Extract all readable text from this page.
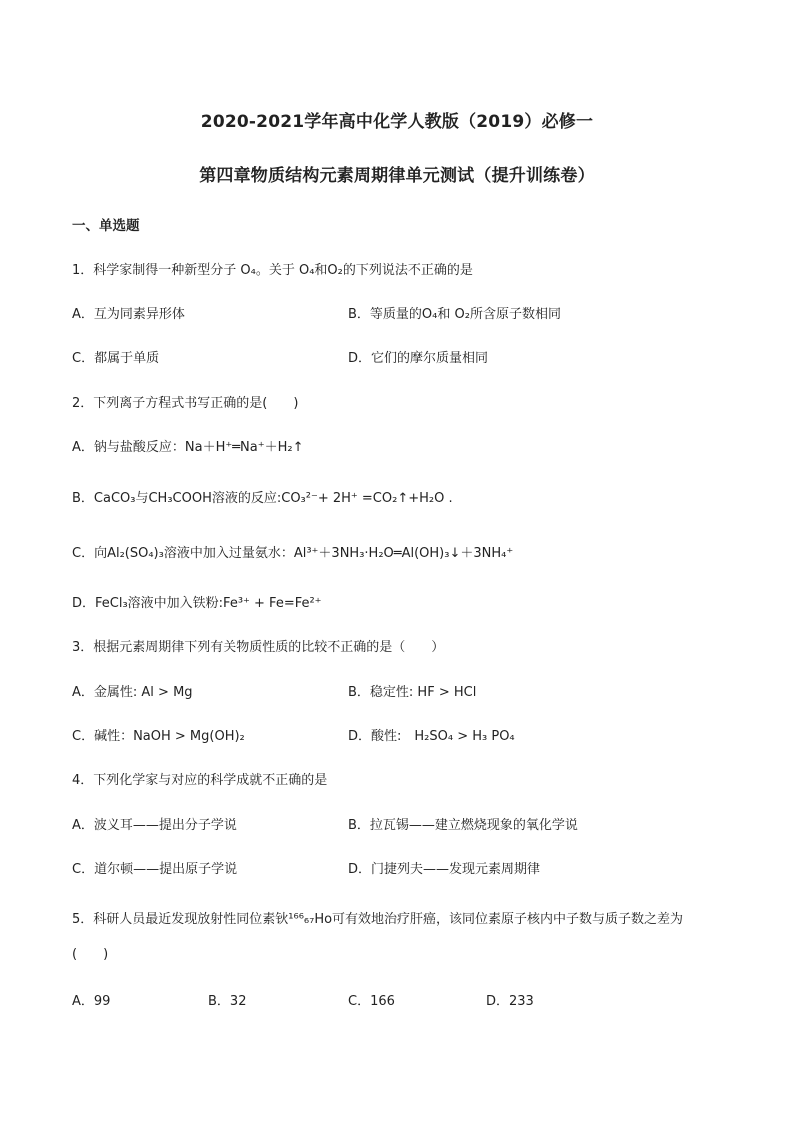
2020-2021学年高中化学人教版（2019）必修一
第四章物质结构元素周期律单元测试（提升训练卷）
一、单选题
1．科学家制得一种新型分子 O₄。关于 O₄和O₂的下列说法不正确的是
A．互为同素异形体	B．等质量的O₄和 O₂所含原子数相同
C．都属于单质	D．它们的摩尔质量相同
2．下列离子方程式书写正确的是(　　)
A．钠与盐酸反应：Na＋H⁺═Na⁺＋H₂↑
B．CaCO₃与CH₃COOH溶液的反应:CO₃²⁻+ 2H⁺ =CO₂↑+H₂O .
C．向Al₂(SO₄)₃溶液中加入过量氨水：Al³⁺＋3NH₃·H₂O═Al(OH)₃↓＋3NH₄⁺
D．FeCl₃溶液中加入铁粉:Fe³⁺ + Fe=Fe²⁺
3．根据元素周期律下列有关物质性质的比较不正确的是（　　）
A．金属性: Al > Mg	B．稳定性: HF > HCl
C．碱性：NaOH > Mg(OH)₂	D．酸性:　H₂SO₄ > H₃ PO₄
4．下列化学家与对应的科学成就不正确的是
A．波义耳——提出分子学说	B．拉瓦锡——建立燃烧现象的氧化学说
C．道尔顿——提出原子学说	D．门捷列夫——发现元素周期律
5．科研人员最近发现放射性同位素钬¹⁶⁶₆₇Ho可有效地治疗肝癌，该同位素原子核内中子数与质子数之差为
(　　)
A．99	B．32	C．166	D．233
